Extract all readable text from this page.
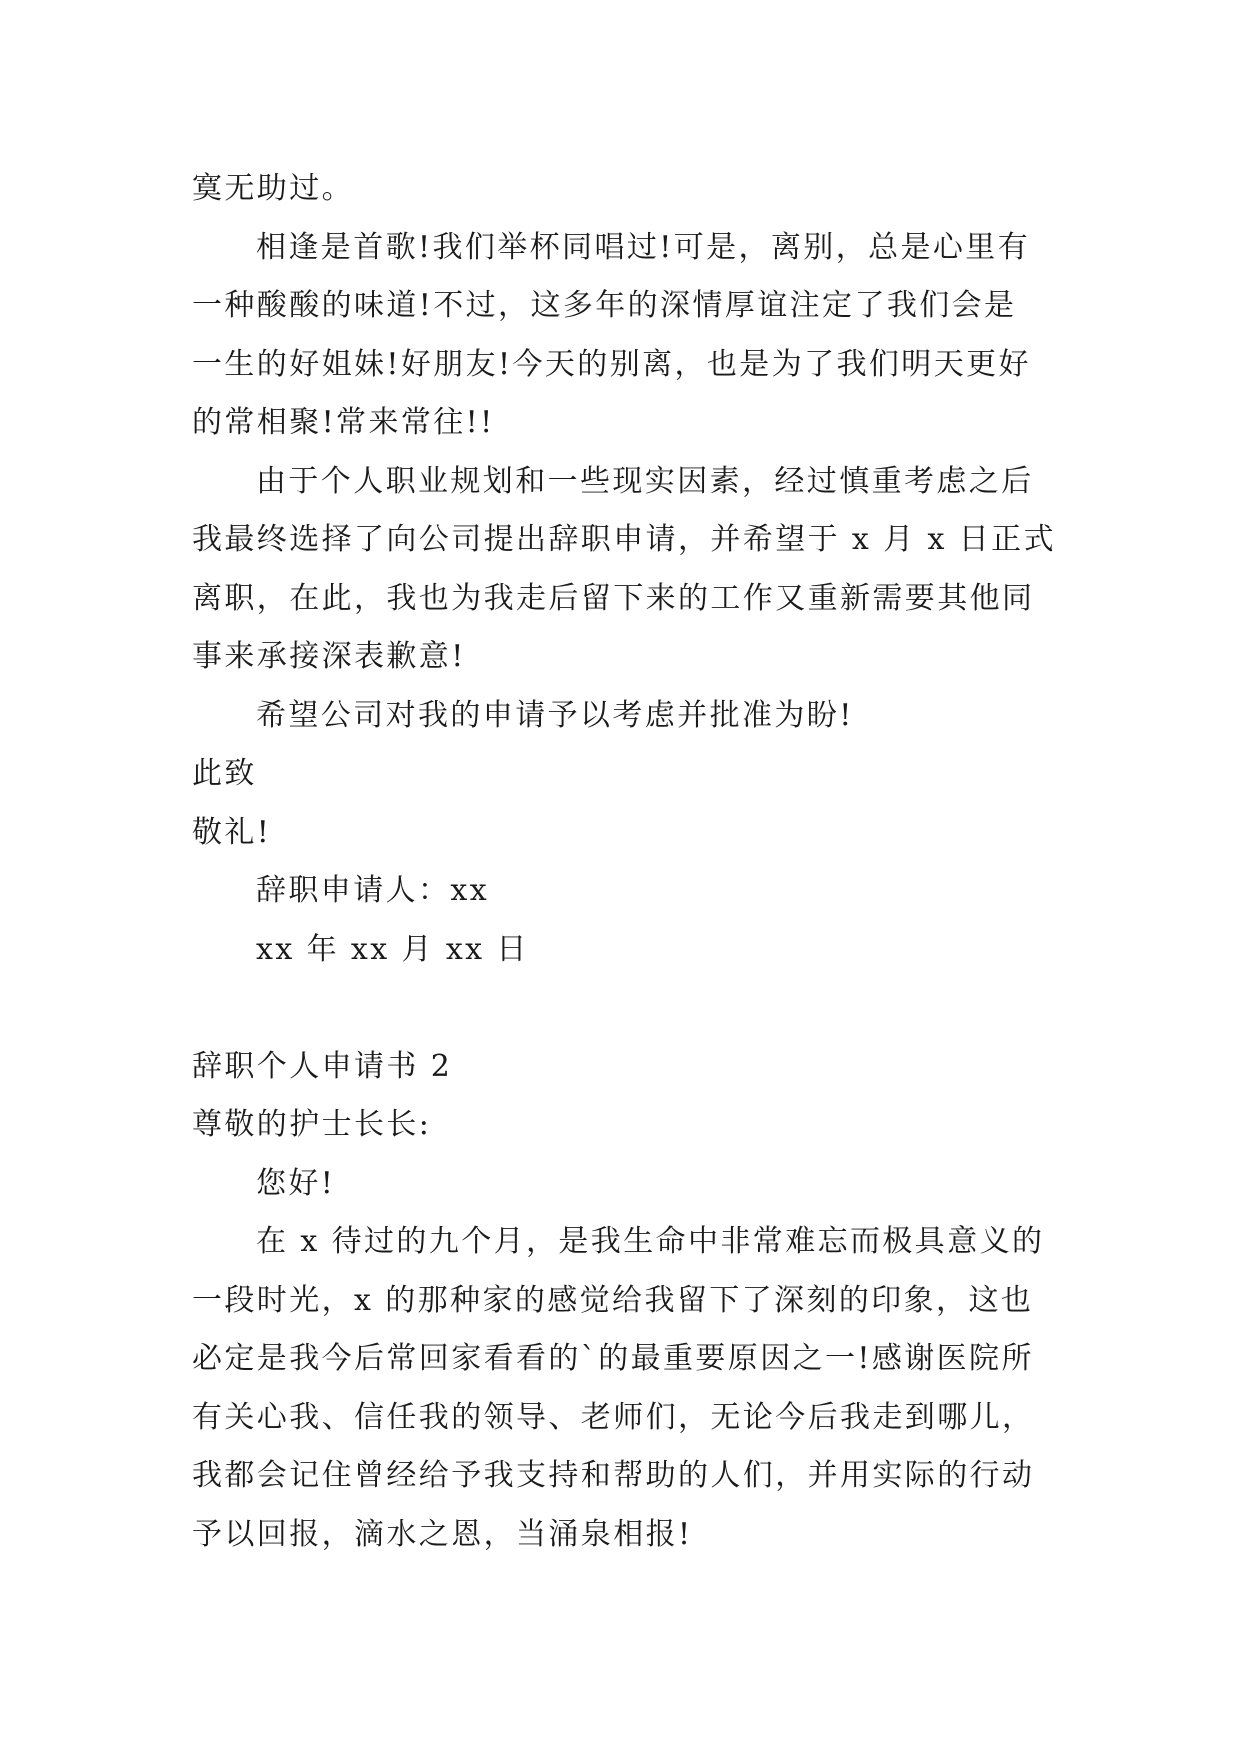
寞无助过。
相逢是首歌!我们举杯同唱过!可是，离别，总是心里有
一种酸酸的味道!不过，这多年的深情厚谊注定了我们会是
一生的好姐妹!好朋友!今天的别离，也是为了我们明天更好
的常相聚!常来常往!!
由于个人职业规划和一些现实因素，经过慎重考虑之后
我最终选择了向公司提出辞职申请，并希望于 x 月 x 日正式
离职，在此，我也为我走后留下来的工作又重新需要其他同
事来承接深表歉意!
希望公司对我的申请予以考虑并批准为盼!
此致
敬礼!
辞职申请人：xx
xx 年 xx 月 xx 日
辞职个人申请书 2
尊敬的护士长长:
您好!
在 x 待过的九个月，是我生命中非常难忘而极具意义的
一段时光，x 的那种家的感觉给我留下了深刻的印象，这也
必定是我今后常回家看看的`的最重要原因之一!感谢医院所
有关心我、信任我的领导、老师们，无论今后我走到哪儿，
我都会记住曾经给予我支持和帮助的人们，并用实际的行动
予以回报，滴水之恩，当涌泉相报!
